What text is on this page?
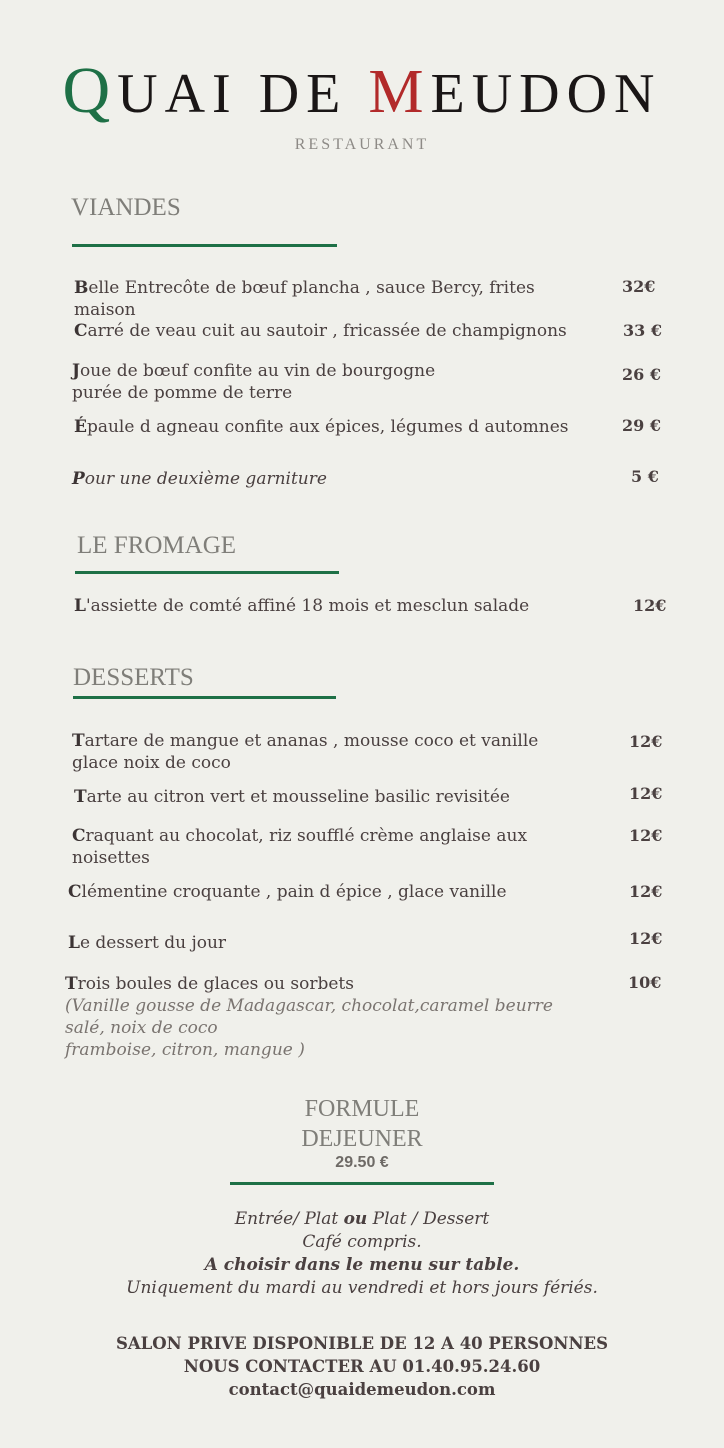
QUAI DE MEUDON
RESTAURANT
VIANDES
Belle Entrecôte de bœuf plancha , sauce Bercy, frites maison
32€
Carré de veau cuit au sautoir , fricassée de champignons	33 €
Joue de bœuf confite au vin de bourgogne
purée de pomme de terre
26 €
Épaule d agneau confite aux épices, légumes d automnes	29 €
Pour une deuxième garniture	5 €
LE FROMAGE
L'assiette de comté affiné 18 mois et mesclun salade	12€
DESSERTS
Tartare de mangue et ananas , mousse coco et vanille
glace noix de coco
12€
Tarte au citron vert et mousseline basilic revisitée	12€
Craquant au chocolat, riz soufflé crème anglaise aux
noisettes
12€
Clémentine croquante , pain d épice , glace vanille	12€
Le dessert du jour	12€
Trois boules de glaces ou sorbets
(Vanille gousse de Madagascar, chocolat,caramel beurre salé, noix de coco
framboise, citron, mangue )
10€
FORMULE
DEJEUNER
29.50 €
Entrée/ Plat ou Plat / Dessert
Café compris.
A choisir dans le menu sur table.
Uniquement du mardi au vendredi et hors jours fériés.
SALON PRIVE DISPONIBLE DE 12 A 40 PERSONNES
NOUS CONTACTER AU 01.40.95.24.60
contact@quaidemeudon.com
